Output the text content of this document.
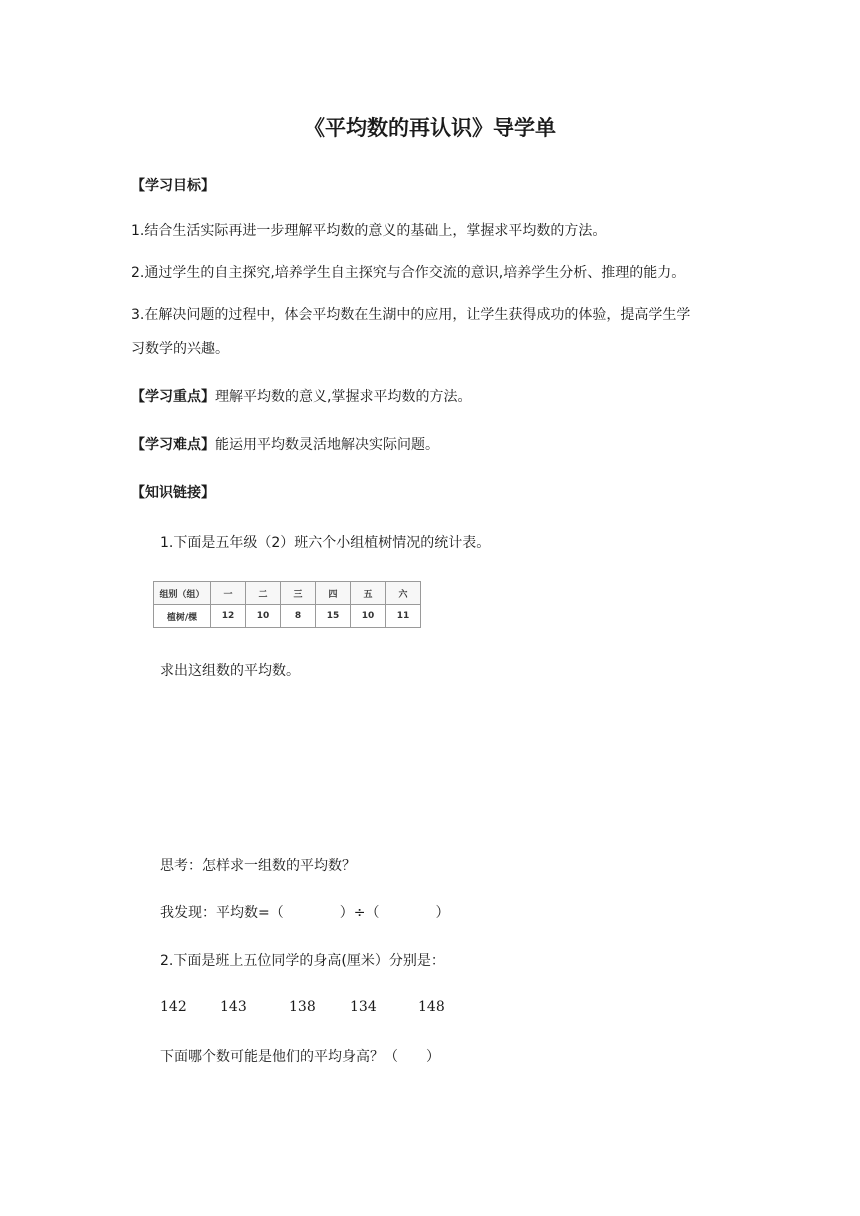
《平均数的再认识》导学单
【学习目标】
1.结合生活实际再进一步理解平均数的意义的基础上，掌握求平均数的方法。
2.通过学生的自主探究,培养学生自主探究与合作交流的意识,培养学生分析、推理的能力。
3.在解决问题的过程中，体会平均数在生湖中的应用，让学生获得成功的体验，提高学生学
习数学的兴趣。
【学习重点】理解平均数的意义,掌握求平均数的方法。
【学习难点】能运用平均数灵活地解决实际问题。
【知识链接】
1.下面是五年级（2）班六个小组植树情况的统计表。
组别（组）	一	二	三	四	五	六
植树/棵	12	10	8	15	10	11
求出这组数的平均数。
思考：怎样求一组数的平均数？
我发现：平均数=（　　　　）÷（　　　　）
2.下面是班上五位同学的身高(厘米）分别是：
142 143	138 134	148
下面哪个数可能是他们的平均身高？（　　）
